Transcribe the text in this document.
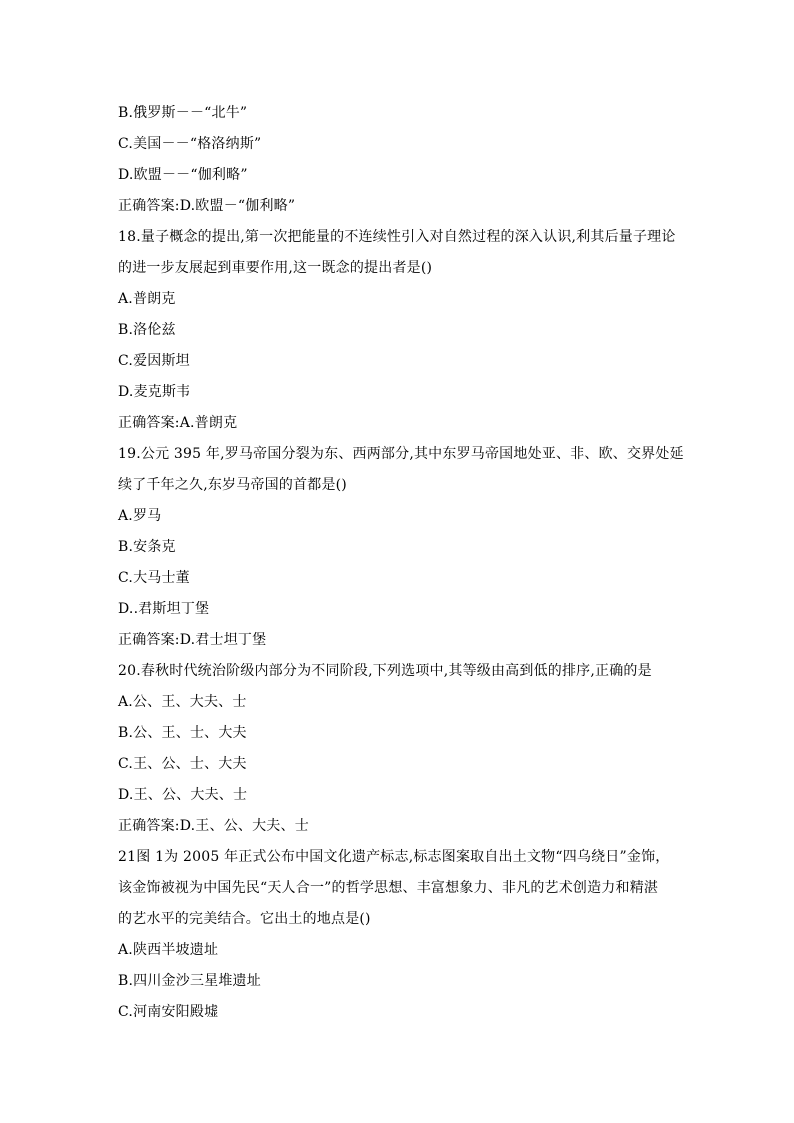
B.俄罗斯－－“北牛”
C.美国－－“格洛纳斯”
D.欧盟－－“伽利略”
正确答案:D.欧盟－“伽利略”
18.量子概念的提出,第一次把能量的不连续性引入对自然过程的深入认识,利其后量子理论
的进一步友展起到車要作用,这一既念的提出者是()
A.普朗克
B.洛伦兹
C.爱因斯坦
D.麦克斯韦
正确答案:A.普朗克
19.公元 395 年,罗马帝国分裂为东、西两部分,其中东罗马帝国地处亚、非、欧、交界处延
续了千年之久,东岁马帝国的首都是()
A.罗马
B.安条克
C.大马士董
D..君斯坦丁堡
正确答案:D.君士坦丁堡
20.春秋时代统治阶级内部分为不同阶段,下列选项中,其等级由高到低的排序,正确的是
A.公、王、大夫、士
B.公、王、士、大夫
C.王、公、士、大夫
D.王、公、大夫、士
正确答案:D.王、公、大夫、士
21图 1为 2005 年正式公布中国文化遗产标志,标志图案取自出土文物“四乌绕日”金饰，
该金饰被视为中国先民“天人合一”的哲学思想、丰富想象力、非凡的艺术创造力和精湛
的艺水平的完美结合。它出土的地点是()
A.陕西半坡遗址
B.四川金沙三星堆遗址
C.河南安阳殿墟
